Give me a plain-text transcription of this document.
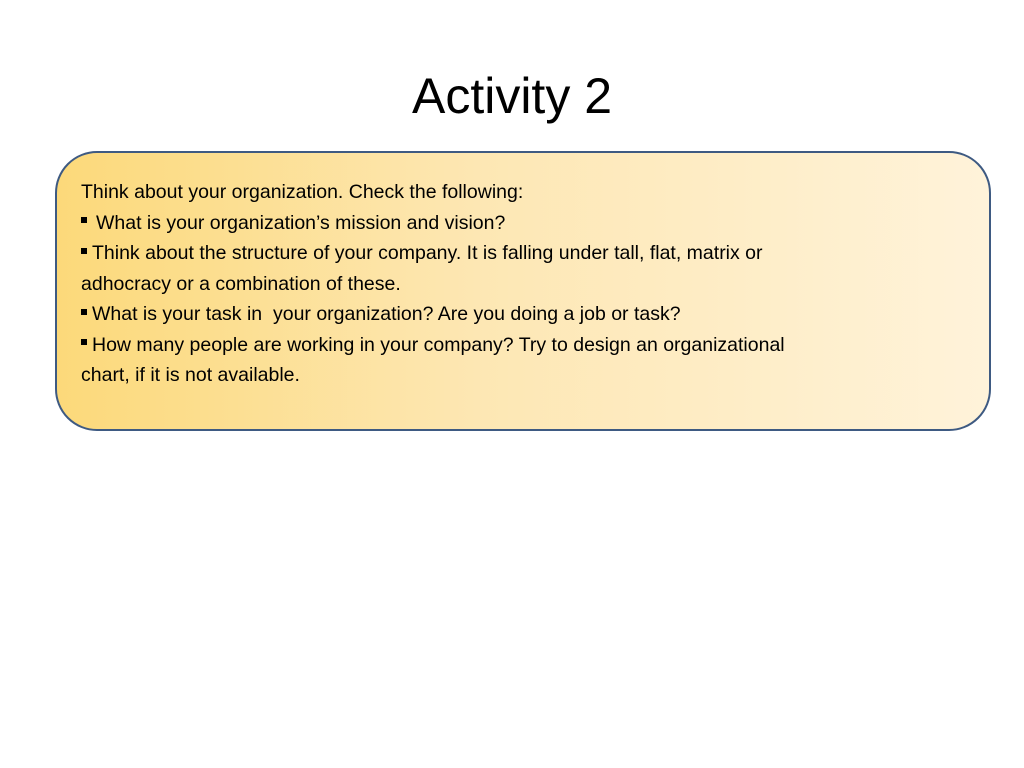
Activity 2

Think about your organization. Check the following:

What is your organization’s mission and vision?

Think about the structure of your company. It is falling under tall, flat, matrix or

adhocracy or a combination of these.

What is your task in  your organization? Are you doing a job or task?

How many people are working in your company? Try to design an organizational

chart, if it is not available.
